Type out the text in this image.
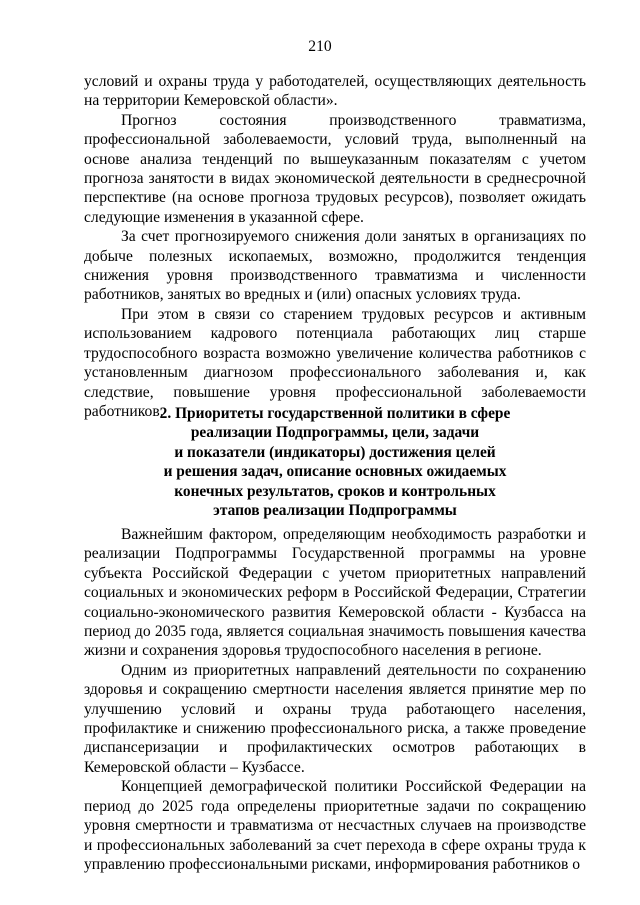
210

условий и охраны труда у работодателей, осуществляющих деятельность на территории Кемеровской области».

Прогноз состояния производственного травматизма, профессиональной заболеваемости, условий труда, выполненный на основе анализа тенденций по вышеуказанным показателям с учетом прогноза занятости в видах экономической деятельности в среднесрочной перспективе (на основе прогноза трудовых ресурсов), позволяет ожидать следующие изменения в указанной сфере.

За счет прогнозируемого снижения доли занятых в организациях по добыче полезных ископаемых, возможно, продолжится тенденция снижения уровня производственного травматизма и численности работников, занятых во вредных и (или) опасных условиях труда.

При этом в связи со старением трудовых ресурсов и активным использованием кадрового потенциала работающих лиц старше трудоспособного возраста возможно увеличение количества работников с установленным диагнозом профессионального заболевания и, как следствие, повышение уровня профессиональной заболеваемости работников.

2. Приоритеты государственной политики в сфере
реализации Подпрограммы, цели, задачи
и показатели (индикаторы) достижения целей
и решения задач, описание основных ожидаемых
конечных результатов, сроков и контрольных
этапов реализации Подпрограммы

Важнейшим фактором, определяющим необходимость разработки и реализации Подпрограммы Государственной программы на уровне субъекта Российской Федерации с учетом приоритетных направлений социальных и экономических реформ в Российской Федерации, Стратегии социально-экономического развития Кемеровской области - Кузбасса на период до 2035 года, является социальная значимость повышения качества жизни и сохранения здоровья трудоспособного населения в регионе.

Одним из приоритетных направлений деятельности по сохранению здоровья и сокращению смертности населения является принятие мер по улучшению условий и охраны труда работающего населения, профилактике и снижению профессионального риска, а также проведение диспансеризации и профилактических осмотров работающих в Кемеровской области – Кузбассе.

Концепцией демографической политики Российской Федерации на период до 2025 года определены приоритетные задачи по сокращению уровня смертности и травматизма от несчастных случаев на производстве и профессиональных заболеваний за счет перехода в сфере охраны труда к управлению профессиональными рисками, информирования работников о
